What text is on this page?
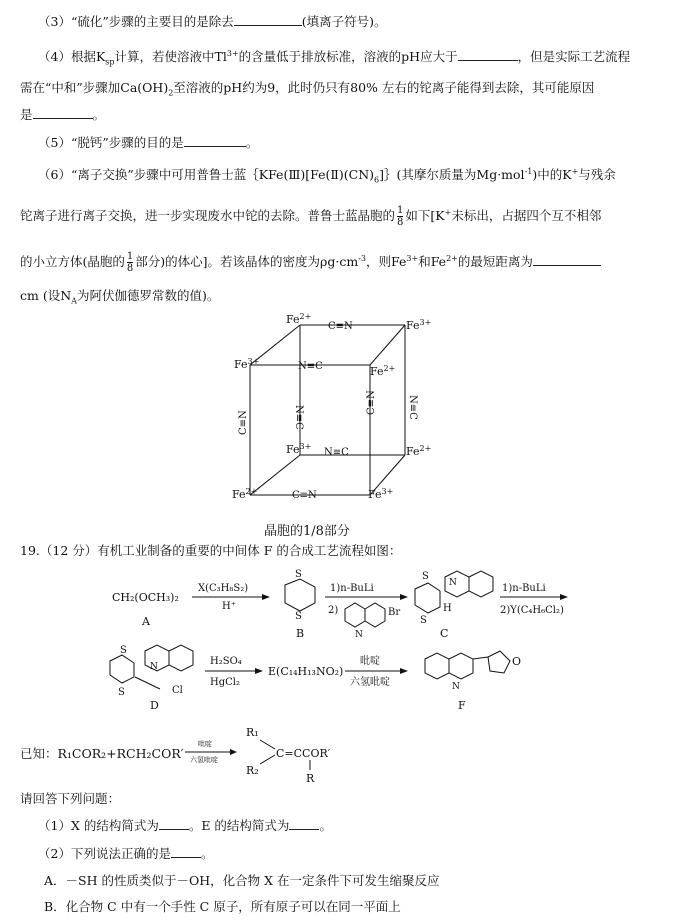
（3）“硫化”步骤的主要目的是除去	(填离子符号)。
（4）根据$K_{sp}$计算，若使溶液中$Tl^{3+}$的含量低于排放标准，溶液的pH应大于	，但是实际工艺流程
需在“中和”步骤加$Ca(OH)_2$至溶液的pH约为9，此时仍只有80% 左右的铊离子能得到去除，其可能原因
是	。
（5）“脱钙”步骤的目的是	。
（6）“离子交换”步骤中可用普鲁士蓝$\{KFe(Ⅲ)[Fe(Ⅱ)(CN)_6]\}$(其摩尔质量为Mg·mol$^{-1}$)中的K+与残余
铊离子进行离子交换，进一步实现废水中铊的去除。普鲁士蓝晶胞的 $\frac{1}{8}$ 如下[K+未标出，占据四个互不相邻
的小立方体(晶胞的 $\frac{1}{8}$ 部分)的体心]。若该晶体的密度为$\rho g\cdot cm^{-3}$，则$Fe^{3+}$和$Fe^{2+}$的最短距离为
cm (设$N_A$为阿伏伽德罗常数的值)。
$Fe^{2+}$
C≡N	$Fe^{3+}$
$Fe^{3+}$	N≡C	$Fe^{2+}$
$Fe^{3+}$
N≡C	$Fe^{2+}$
$Fe^{2+}$	C≡N	$Fe^{3+}$
C≡N	N≡C
C≡N	N≡C
晶胞的1/8部分
19.（12 分）有机工业制备的重要的中间体 F 的合成工艺流程如图：
CH₂(OCH₃)₂
A
X(C₃H₈S₂)
H⁺
S
S
B
1)n-BuLi
2)	Br
N
S
S
H
N
C
1)n-BuLi
2)Y(C₄H₆Cl₂)
S
S
N
Cl
D
H₂SO₄
HgCl₂
E(C₁₄H₁₃NO₂)
吡啶
六氢吡啶	N
O
F
已知：R₁COR₂+RCH₂COR′
吡啶
六氢吡啶
R₁
R₂
C=CCOR′
R
请回答下列问题：
（1）X 的结构简式为 。E 的结构简式为 。
（2）下列说法正确的是 。
A．－SH 的性质类似于－OH，化合物 X 在一定条件下可发生缩聚反应
B．化合物 C 中有一个手性 C 原子，所有原子可以在同一平面上
